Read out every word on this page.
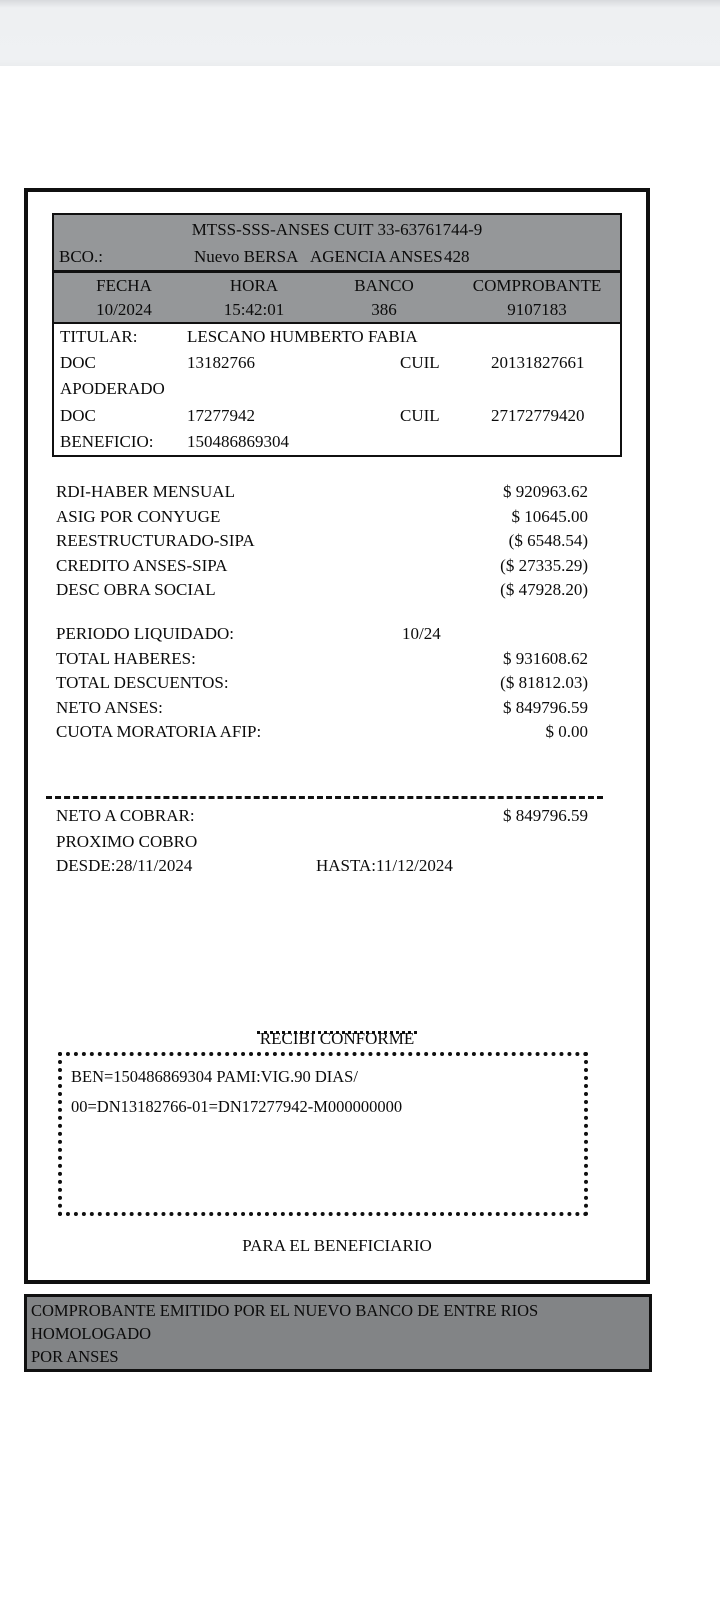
MTSS-SSS-ANSES CUIT 33-63761744-9
BCO.:	Nuevo BERSA AGENCIA ANSES 428
FECHA	HORA	BANCO	COMPROBANTE
10/2024	15:42:01	386	9107183
TITULAR:	LESCANO HUMBERTO FABIA
DOC	13182766	CUIL	20131827661
APODERADO
DOC	17277942	CUIL	27172779420
BENEFICIO: 150486869304
RDI-HABER MENSUAL	$ 920963.62
ASIG POR CONYUGE	$ 10645.00
REESTRUCTURADO-SIPA	($ 6548.54)
CREDITO ANSES-SIPA	($ 27335.29)
DESC OBRA SOCIAL	($ 47928.20)
PERIODO LIQUIDADO:	10/24
TOTAL HABERES:	$ 931608.62
TOTAL DESCUENTOS:	($ 81812.03)
NETO ANSES:	$ 849796.59
CUOTA MORATORIA AFIP:	$ 0.00
NETO A COBRAR:	$ 849796.59
PROXIMO COBRO
DESDE:28/11/2024	HASTA:11/12/2024
RECIBI CONFORME
BEN=150486869304 PAMI:VIG.90 DIAS/
00=DN13182766-01=DN17277942-M000000000
PARA EL BENEFICIARIO
COMPROBANTE EMITIDO POR EL NUEVO BANCO DE ENTRE RIOS HOMOLOGADO
POR ANSES
